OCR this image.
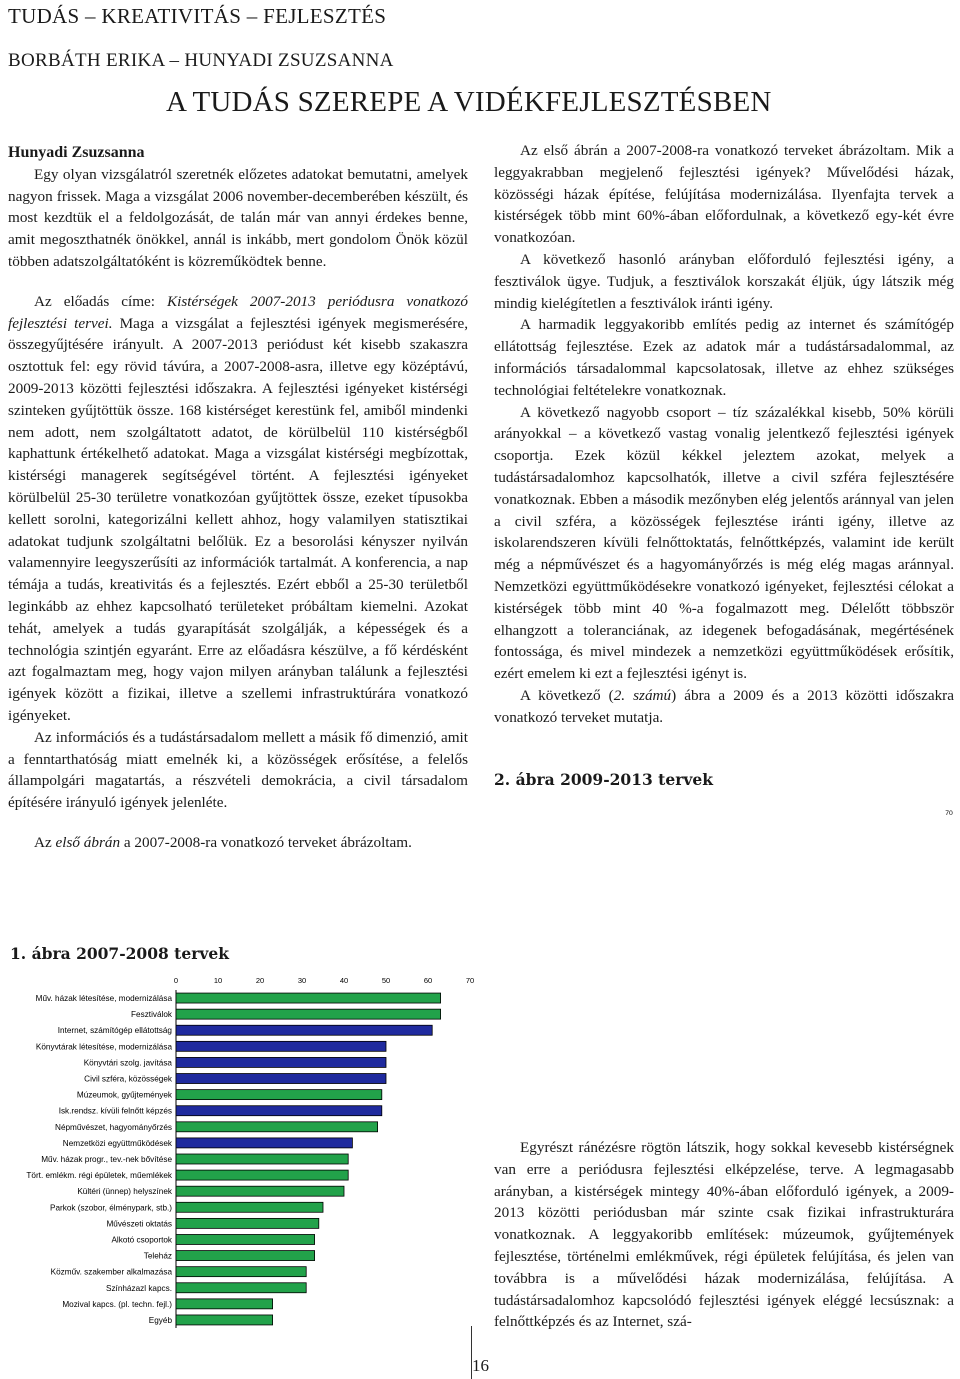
TUDÁS – KREATIVITÁS – FEJLESZTÉS
BORBÁTH ERIKA – HUNYADI ZSUZSANNA
A TUDÁS SZEREPE A VIDÉKFEJLESZTÉSBEN
Hunyadi Zsuzsanna

Egy olyan vizsgálatról szeretnék előzetes adatokat bemutatni, amelyek nagyon frissek. Maga a vizsgálat 2006 november-decemberében készült, és most kezdtük el a feldolgozását, de talán már van annyi érdekes benne, amit megoszthatnék önökkel, annál is inkább, mert gondolom Önök közül többen adatszolgáltatóként is közreműködtek benne.

Az előadás címe: Kistérségek 2007-2013 periódusra vonatkozó fejlesztési tervei. Maga a vizsgálat a fejlesztési igények megismerésére, összegyűjtésére irányult. A 2007-2013 periódust két kisebb szakaszra osztottuk fel: egy rövid távúra, a 2007-2008-asra, illetve egy középtávú, 2009-2013 közötti fejlesztési időszakra. A fejlesztési igényeket kistérségi szinteken gyűjtöttük össze. 168 kistérséget kerestünk fel, amiből mindenki nem adott, nem szolgáltatott adatot, de körülbelül 110 kistérségből kaphattunk értékelhető adatokat. Maga a vizsgálat kistérségi megbízottak, kistérségi managerek segítségével történt. A fejlesztési igényeket körülbelül 25-30 területre vonatkozóan gyűjtöttek össze, ezeket típusokba kellett sorolni, kategorizálni kellett ahhoz, hogy valamilyen statisztikai adatokat tudjunk szolgáltatni belőlük. Ez a besorolási kényszer nyilván valamennyire leegyszerűsíti az információk tartalmát. A konferencia, a nap témája a tudás, kreativitás és a fejlesztés. Ezért ebből a 25-30 területből leginkább az ehhez kapcsolható területeket próbáltam kiemelni. Azokat tehát, amelyek a tudás gyarapítását szolgálják, a képességek és a technológia szintjén egyaránt. Erre az előadásra készülve, a fő kérdésként azt fogalmaztam meg, hogy vajon milyen arányban találunk a fejlesztési igények között a fizikai, illetve a szellemi infrastruktúrára vonatkozó igényeket.

Az információs és a tudástársadalom mellett a másik fő dimenzió, amit a fenntarthatóság miatt emelnék ki, a közösségek erősítése, a felelős állampolgári magatartás, a részvételi demokrácia, a civil társadalom építésére irányuló igények jelenléte.

Az első ábrán a 2007-2008-ra vonatkozó terveket ábrázoltam.

1. ábra 2007-2008 tervek
0	10	20	30	40	50	60	70
Műv. házak létesítése, modernizálása
Fesztiválok
Internet, számítógép ellátottság
Könyvtárak létesítése, modernizálása
Könyvtári szolg. javítása
Civil szféra, közösségek
Múzeumok, gyűjtemények
Isk.rendsz. kívüli felnőtt képzés
Népművészet, hagyományőrzés
Nemzetközi együttműködések
Műv. házak progr., tev.-nek bővítése
Tört. emlékm. régi épületek, műemlékek
Kültéri (ünnep) helyszínek
Parkok (szobor, élménypark, stb.)
Művészeti oktatás
Alkotó csoportok
Teleház
Közműv. szakember alkalmazása
Színházazl kapcs.
Mozival kapcs. (pl. techn. fejl.)
Egyéb

Az első ábrán a 2007-2008-ra vonatkozó terveket ábrázoltam. Mik a leggyakrabban megjelenő fejlesztési igények? Művelődési házak, közösségi házak építése, felújítása modernizálása. Ilyenfajta tervek a kistérségek több mint 60%-ában előfordulnak, a következő egy-két évre vonatkozóan.

A következő hasonló arányban előforduló fejlesztési igény, a fesztiválok ügye. Tudjuk, a fesztiválok korszakát éljük, úgy látszik még mindig kielégítetlen a fesztiválok iránti igény.

A harmadik leggyakoribb említés pedig az internet és számítógép ellátottság fejlesztése. Ezek az adatok már a tudástársadalommal, az információs társadalommal kapcsolatosak, illetve az ehhez szükséges technológiai feltételekre vonatkoznak.

A következő nagyobb csoport – tíz százalékkal kisebb, 50% körüli arányokkal – a következő vastag vonalig jelentkező fejlesztési igények csoportja. Ezek közül kékkel jeleztem azokat, melyek a tudástársadalomhoz kapcsolhatók, illetve a civil szféra fejlesztésére vonatkoznak. Ebben a második mezőnyben elég jelentős aránnyal van jelen a civil szféra, a közösségek fejlesztése iránti igény, illetve az iskolarendszeren kívüli felnőttoktatás, felnőttképzés, valamint ide került még a népművészet és a hagyományőrzés is még elég magas aránnyal. Nemzetközi együttműködésekre vonatkozó igényeket, fejlesztési célokat a kistérségek több mint 40 %-a fogalmazott meg. Délelőtt többször elhangzott a toleranciának, az idegenek befogadásának, megértésének fontossága, és mivel mindezek a nemzetközi együttműködések erősítik, ezért emelem ki ezt a fejlesztési igényt is.

A következő (2. számú) ábra a 2009 és a 2013 közötti időszakra vonatkozó terveket mutatja.

2. ábra 2009-2013 tervek
70

Egyrészt ránézésre rögtön látszik, hogy sokkal kevesebb kistérségnek van erre a periódusra fejlesztési elképzelése, terve. A legmagasabb arányban, a kistérségek mintegy 40%-ában előforduló igények, a 2009-2013 közötti periódusban már szinte csak fizikai infrastrukturára vonatkoznak. A leggyakoribb említések: múzeumok, gyűjtemények fejlesztése, történelmi emlékművek, régi épületek felújítása, és jelen van továbbra is a művelődési házak modernizálása, felújítása. A tudástársadalomhoz kapcsolódó fejlesztési igények eléggé lecsúsznak: a felnőttképzés és az Internet, szá-

16
